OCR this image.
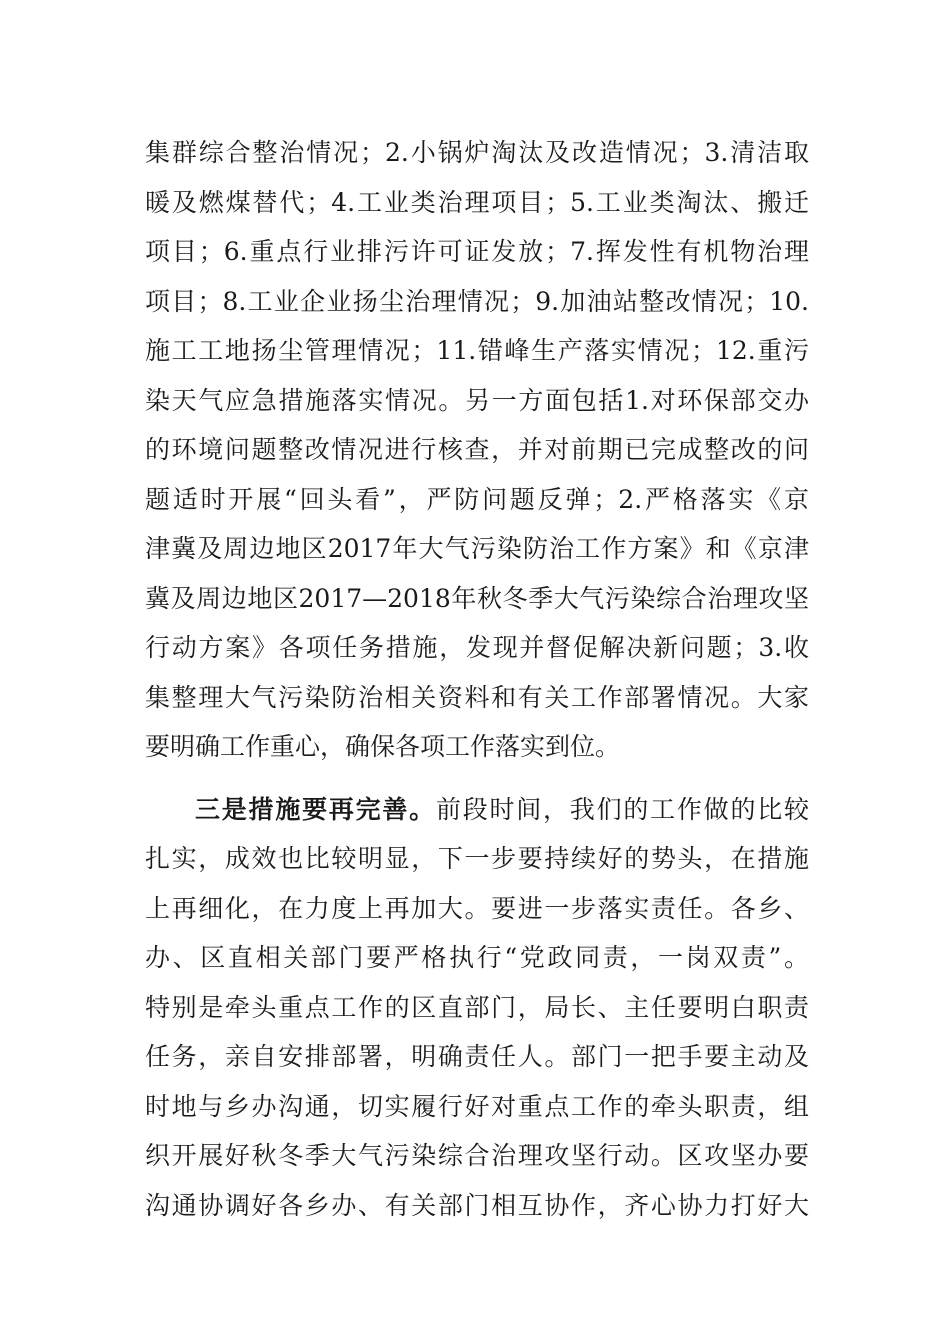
集群综合整治情况；2.小锅炉淘汰及改造情况；3.清洁取
暖及燃煤替代；4.工业类治理项目；5.工业类淘汰、搬迁
项目；6.重点行业排污许可证发放；7.挥发性有机物治理
项目；8.工业企业扬尘治理情况；9.加油站整改情况；10.
施工工地扬尘管理情况；11.错峰生产落实情况；12.重污
染天气应急措施落实情况。另一方面包括1.对环保部交办
的环境问题整改情况进行核查，并对前期已完成整改的问
题适时开展“回头看”，严防问题反弹；2.严格落实《京
津冀及周边地区2017年大气污染防治工作方案》和《京津
冀及周边地区2017—2018年秋冬季大气污染综合治理攻坚
行动方案》各项任务措施，发现并督促解决新问题；3.收
集整理大气污染防治相关资料和有关工作部署情况。大家
要明确工作重心，确保各项工作落实到位。
三是措施要再完善。前段时间，我们的工作做的比较
扎实，成效也比较明显，下一步要持续好的势头，在措施
上再细化，在力度上再加大。要进一步落实责任。各乡、
办、区直相关部门要严格执行“党政同责，一岗双责”。
特别是牵头重点工作的区直部门，局长、主任要明白职责
任务，亲自安排部署，明确责任人。部门一把手要主动及
时地与乡办沟通，切实履行好对重点工作的牵头职责，组
织开展好秋冬季大气污染综合治理攻坚行动。区攻坚办要
沟通协调好各乡办、有关部门相互协作，齐心协力打好大
